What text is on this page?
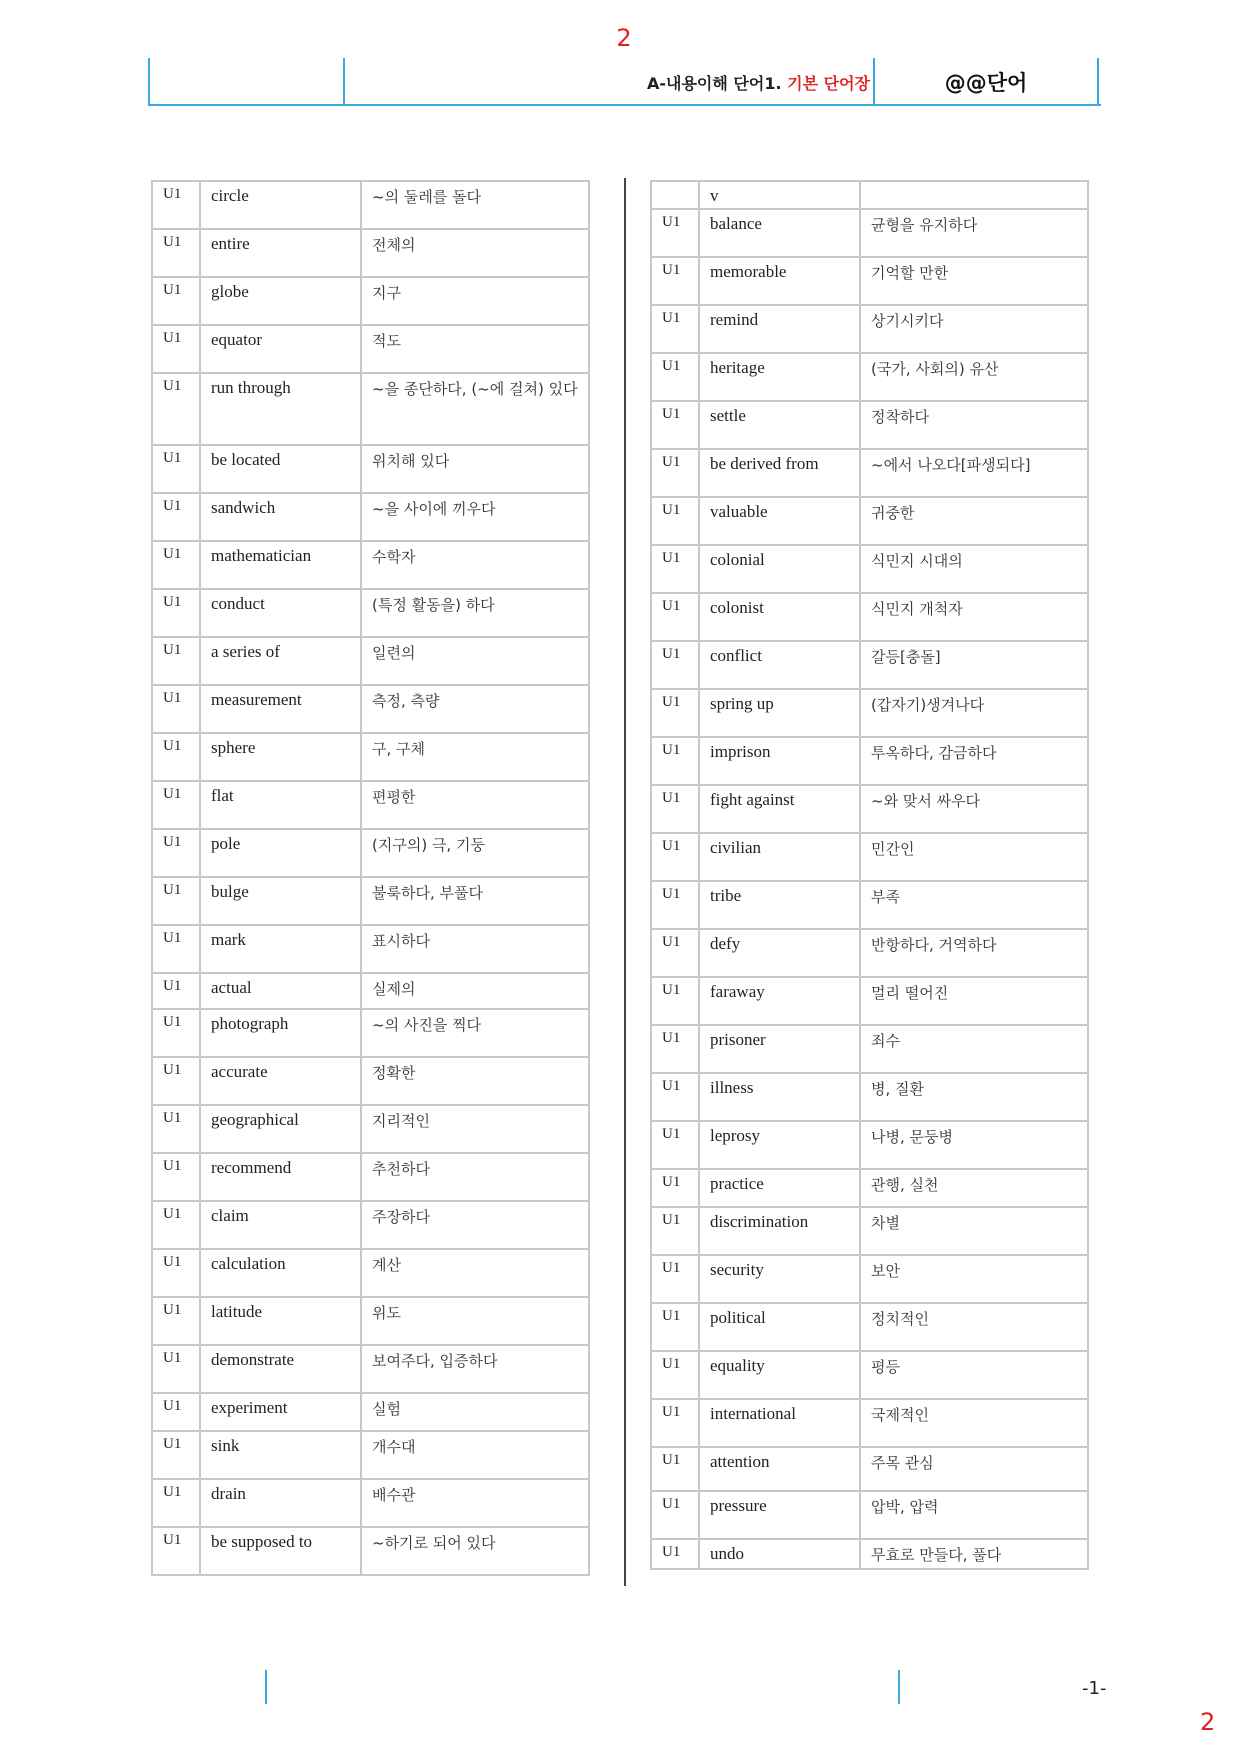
2
A-내용이해 단어1. 기본 단어장	@@단어
U1	circle	~의 둘레를 돌다

U1	entire	전체의

U1	globe	지구

U1	equator	적도

U1	run through	~을 종단하다, (~에 걸쳐) 있다

U1	be located	위치해 있다

U1	sandwich	~을 사이에 끼우다

U1	mathematician	수학자

U1	conduct	(특정 활동을) 하다

U1	a series of	일련의

U1	measurement	측정, 측량

U1	sphere	구, 구체

U1	flat	편평한

U1	pole	(지구의) 극, 기둥

U1	bulge	불룩하다, 부풀다

U1	mark	표시하다

U1	actual	실제의

U1	photograph	~의 사진을 찍다

U1	accurate	정확한

U1	geographical	지리적인

U1	recommend	추천하다

U1	claim	주장하다

U1	calculation	계산

U1	latitude	위도

U1	demonstrate	보여주다, 입증하다

U1	experiment	실험

U1	sink	개수대

U1	drain	배수관

U1	be supposed to	~하기로 되어 있다

	v	

U1	balance	균형을 유지하다

U1	memorable	기억할 만한

U1	remind	상기시키다

U1	heritage	(국가, 사회의) 유산

U1	settle	정착하다

U1	be derived from	~에서 나오다[파생되다]

U1	valuable	귀중한

U1	colonial	식민지 시대의

U1	colonist	식민지 개척자

U1	conflict	갈등[충돌]

U1	spring up	(갑자기)생겨나다

U1	imprison	투옥하다, 감금하다

U1	fight against	~와 맞서 싸우다

U1	civilian	민간인

U1	tribe	부족

U1	defy	반항하다, 거역하다

U1	faraway	멀리 떨어진

U1	prisoner	죄수

U1	illness	병, 질환

U1	leprosy	나병, 문둥병

U1	practice	관행, 실천

U1	discrimination	차별

U1	security	보안

U1	political	정치적인

U1	equality	평등

U1	international	국제적인

U1	attention	주목 관심

U1	pressure	압박, 압력

U1	undo	무효로 만들다, 풀다
-1-
2
